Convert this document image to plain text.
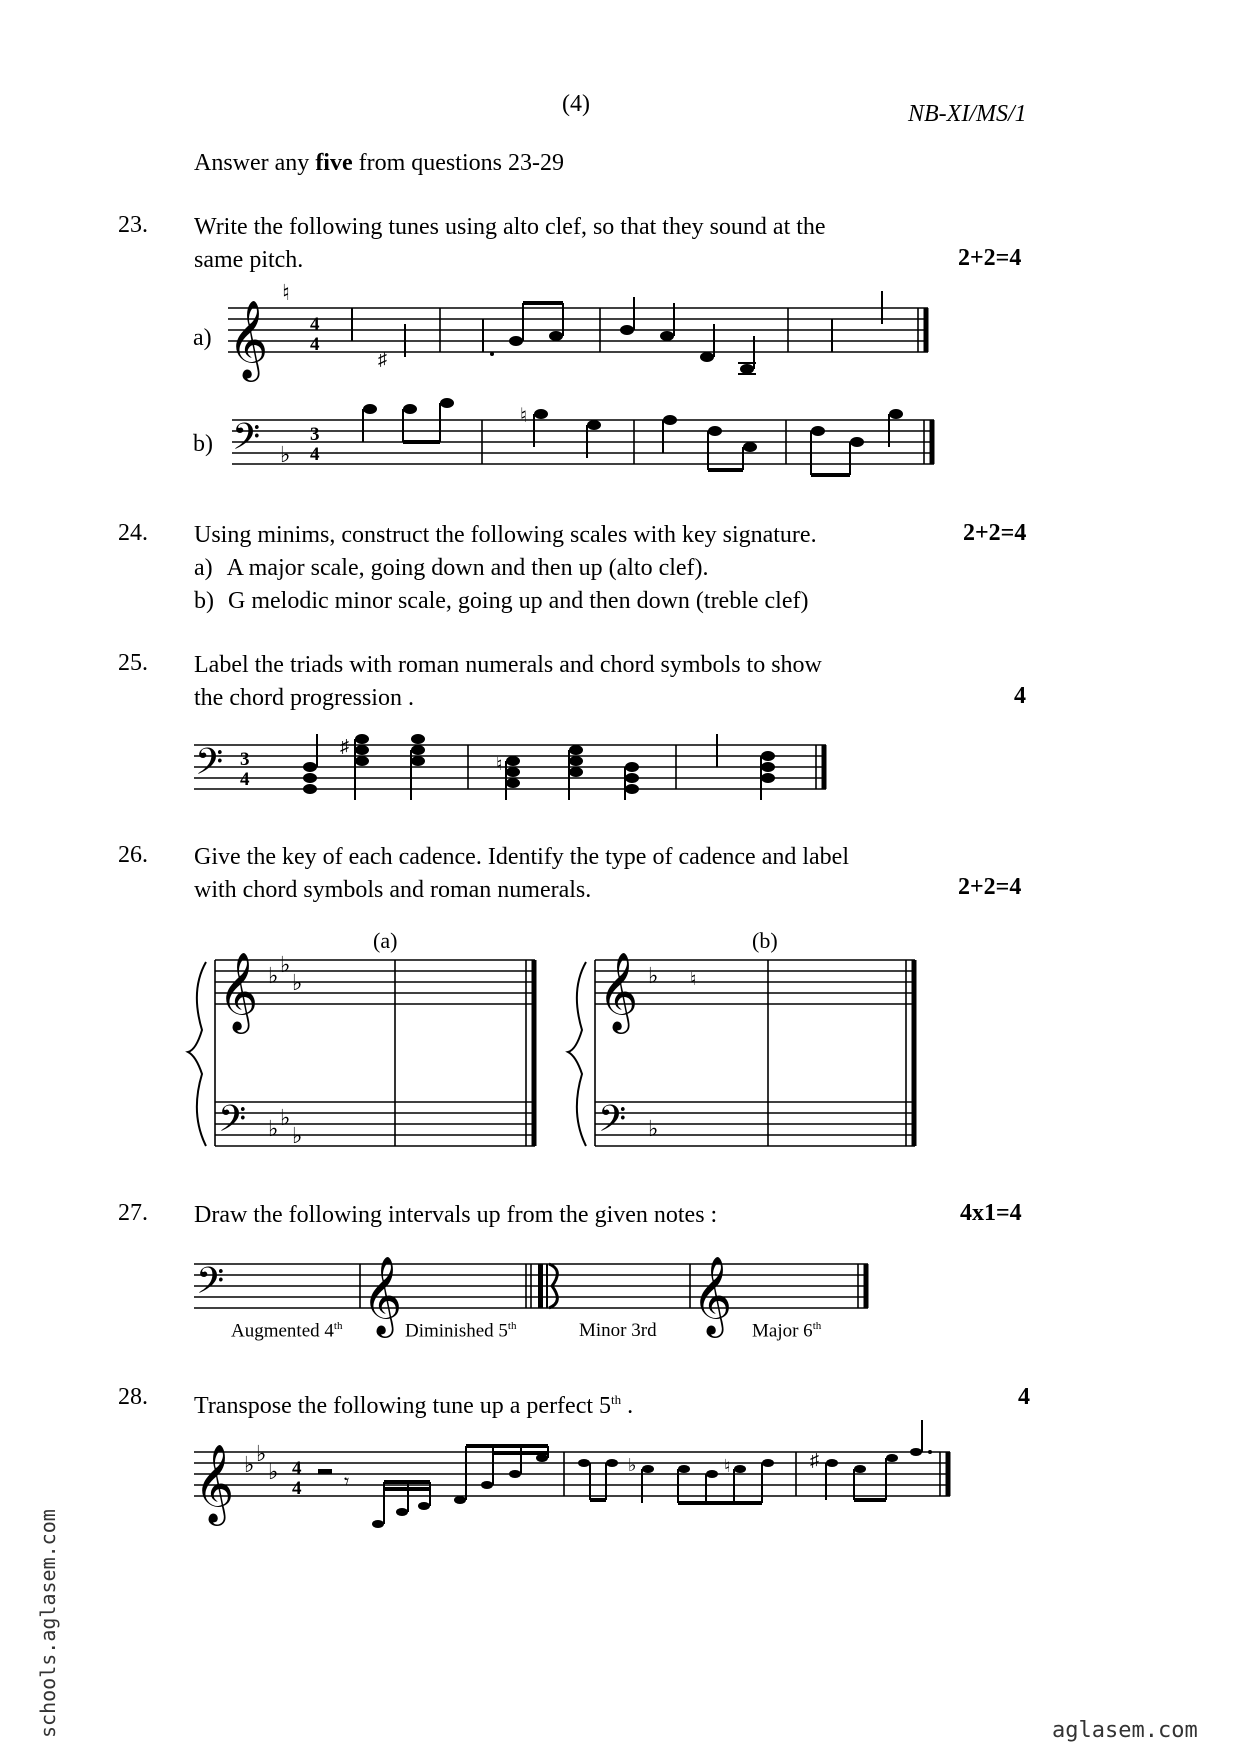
(4)	NB-XI/MS/1
Answer any five from questions 23-29
23. Write the following tunes using alto clef, so that they sound at the
same pitch.	2+2=4
a)
b)
𝄞
♮
4
4
♯
𝄢 ♭
3
4
♮
24. Using minims, construct the following scales with key signature.	2+2=4
a) A major scale, going down and then up (alto clef).
b) G melodic minor scale, going up and then down (treble clef)
25. Label the triads with roman numerals and chord symbols to show
the chord progression .	4
𝄢 3
4
♯
♮
26. Give the key of each cadence. Identify the type of cadence and label
with chord symbols and roman numerals.	2+2=4
(a)	(b)
𝄞
𝄢
♭ ♭
♭
♭ ♭
♭
𝄞
𝄢
♭
♭
♮
27. Draw the following intervals up from the given notes :	4x1=4
𝄢 𝄞	𝄞
Augmented 4th	Diminished 5th	Minor 3rd	Major 6th
28. Transpose the following tune up a perfect 5th .	4
𝄞 ♭ ♭
♭ 4
4 𝄾
♭	♮	♯
schools.aglasem.com	aglasem.com
